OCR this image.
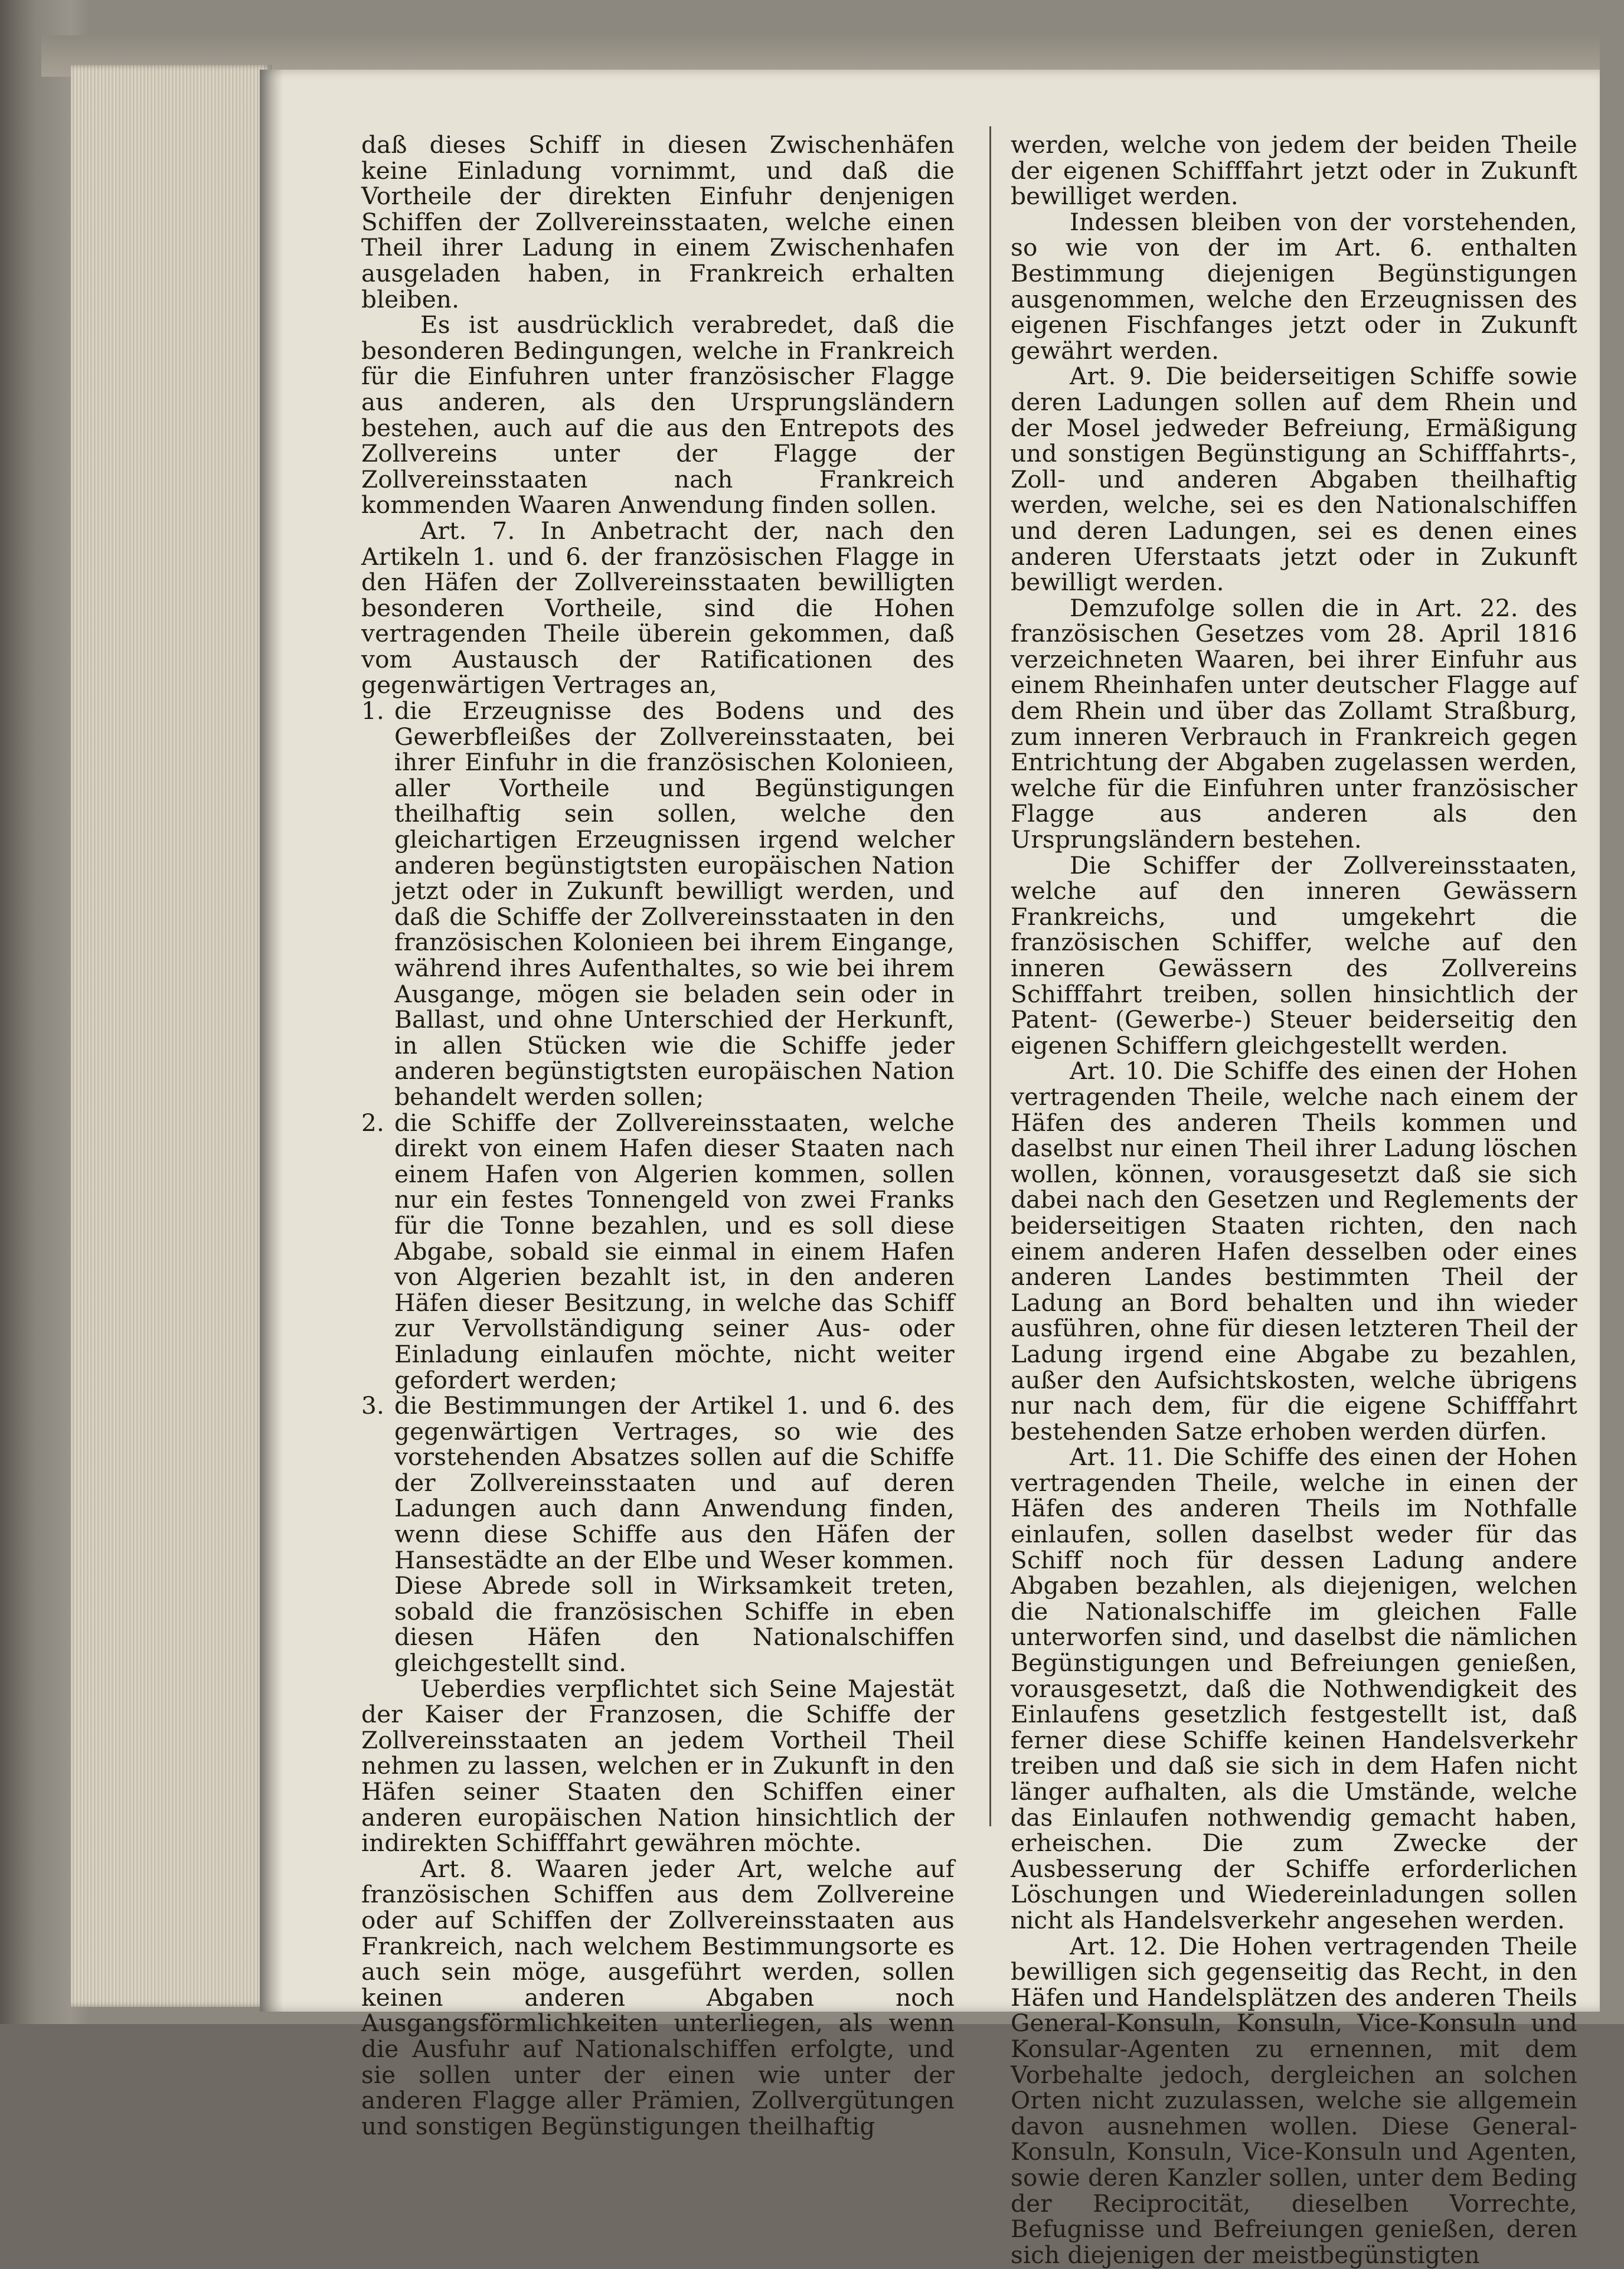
daß dieses Schiff in diesen Zwischenhäfen keine Einladung vornimmt, und daß die Vortheile der direkten Einfuhr denjenigen Schiffen der Zollvereinsstaaten, welche einen Theil ihrer Ladung in einem Zwischenhafen ausgeladen haben, in Frankreich erhalten bleiben.

Es ist ausdrücklich verabredet, daß die besonderen Bedingungen, welche in Frankreich für die Einfuhren unter französischer Flagge aus anderen, als den Ursprungsländern bestehen, auch auf die aus den Entrepots des Zollvereins unter der Flagge der Zollvereinsstaaten nach Frankreich kommenden Waaren Anwendung finden sollen.

Art. 7. In Anbetracht der, nach den Artikeln 1. und 6. der französischen Flagge in den Häfen der Zollvereinsstaaten bewilligten besonderen Vortheile, sind die Hohen vertragenden Theile überein gekommen, daß vom Austausch der Ratificationen des gegenwärtigen Vertrages an,

1. die Erzeugnisse des Bodens und des Gewerbfleißes der Zollvereinsstaaten, bei ihrer Einfuhr in die französischen Kolonieen, aller Vortheile und Begünstigungen theilhaftig sein sollen, welche den gleichartigen Erzeugnissen irgend welcher anderen begünstigtsten europäischen Nation jetzt oder in Zukunft bewilligt werden, und daß die Schiffe der Zollvereinsstaaten in den französischen Kolonieen bei ihrem Eingange, während ihres Aufenthaltes, so wie bei ihrem Ausgange, mögen sie beladen sein oder in Ballast, und ohne Unterschied der Herkunft, in allen Stücken wie die Schiffe jeder anderen begünstigtsten europäischen Nation behandelt werden sollen;
2. die Schiffe der Zollvereinsstaaten, welche direkt von einem Hafen dieser Staaten nach einem Hafen von Algerien kommen, sollen nur ein festes Tonnengeld von zwei Franks für die Tonne bezahlen, und es soll diese Abgabe, sobald sie einmal in einem Hafen von Algerien bezahlt ist, in den anderen Häfen dieser Besitzung, in welche das Schiff zur Vervollständigung seiner Aus- oder Einladung einlaufen möchte, nicht weiter gefordert werden;
3. die Bestimmungen der Artikel 1. und 6. des gegenwärtigen Vertrages, so wie des vorstehenden Absatzes sollen auf die Schiffe der Zollvereinsstaaten und auf deren Ladungen auch dann Anwendung finden, wenn diese Schiffe aus den Häfen der Hansestädte an der Elbe und Weser kommen. Diese Abrede soll in Wirksamkeit treten, sobald die französischen Schiffe in eben diesen Häfen den Nationalschiffen gleichgestellt sind.

Ueberdies verpflichtet sich Seine Majestät der Kaiser der Franzosen, die Schiffe der Zollvereinsstaaten an jedem Vortheil Theil nehmen zu lassen, welchen er in Zukunft in den Häfen seiner Staaten den Schiffen einer anderen europäischen Nation hinsichtlich der indirekten Schifffahrt gewähren möchte.

Art. 8. Waaren jeder Art, welche auf französischen Schiffen aus dem Zollvereine oder auf Schiffen der Zollvereinsstaaten aus Frankreich, nach welchem Bestimmungsorte es auch sein möge, ausgeführt werden, sollen keinen anderen Abgaben noch Ausgangsförmlichkeiten unterliegen, als wenn die Ausfuhr auf Nationalschiffen erfolgte, und sie sollen unter der einen wie unter der anderen Flagge aller Prämien, Zollvergütungen und sonstigen Begünstigungen theilhaftig

werden, welche von jedem der beiden Theile der eigenen Schifffahrt jetzt oder in Zukunft bewilliget werden.

Indessen bleiben von der vorstehenden, so wie von der im Art. 6. enthalten Bestimmung diejenigen Begünstigungen ausgenommen, welche den Erzeugnissen des eigenen Fischfanges jetzt oder in Zukunft gewährt werden.

Art. 9. Die beiderseitigen Schiffe sowie deren Ladungen sollen auf dem Rhein und der Mosel jedweder Befreiung, Ermäßigung und sonstigen Begünstigung an Schifffahrts-, Zoll- und anderen Abgaben theilhaftig werden, welche, sei es den Nationalschiffen und deren Ladungen, sei es denen eines anderen Uferstaats jetzt oder in Zukunft bewilligt werden.

Demzufolge sollen die in Art. 22. des französischen Gesetzes vom 28. April 1816 verzeichneten Waaren, bei ihrer Einfuhr aus einem Rheinhafen unter deutscher Flagge auf dem Rhein und über das Zollamt Straßburg, zum inneren Verbrauch in Frankreich gegen Entrichtung der Abgaben zugelassen werden, welche für die Einfuhren unter französischer Flagge aus anderen als den Ursprungsländern bestehen.

Die Schiffer der Zollvereinsstaaten, welche auf den inneren Gewässern Frankreichs, und umgekehrt die französischen Schiffer, welche auf den inneren Gewässern des Zollvereins Schifffahrt treiben, sollen hinsichtlich der Patent- (Gewerbe-) Steuer beiderseitig den eigenen Schiffern gleichgestellt werden.

Art. 10. Die Schiffe des einen der Hohen vertragenden Theile, welche nach einem der Häfen des anderen Theils kommen und daselbst nur einen Theil ihrer Ladung löschen wollen, können, vorausgesetzt daß sie sich dabei nach den Gesetzen und Reglements der beiderseitigen Staaten richten, den nach einem anderen Hafen desselben oder eines anderen Landes bestimmten Theil der Ladung an Bord behalten und ihn wieder ausführen, ohne für diesen letzteren Theil der Ladung irgend eine Abgabe zu bezahlen, außer den Aufsichtskosten, welche übrigens nur nach dem, für die eigene Schifffahrt bestehenden Satze erhoben werden dürfen.

Art. 11. Die Schiffe des einen der Hohen vertragenden Theile, welche in einen der Häfen des anderen Theils im Nothfalle einlaufen, sollen daselbst weder für das Schiff noch für dessen Ladung andere Abgaben bezahlen, als diejenigen, welchen die Nationalschiffe im gleichen Falle unterworfen sind, und daselbst die nämlichen Begünstigungen und Befreiungen genießen, vorausgesetzt, daß die Nothwendigkeit des Einlaufens gesetzlich festgestellt ist, daß ferner diese Schiffe keinen Handelsverkehr treiben und daß sie sich in dem Hafen nicht länger aufhalten, als die Umstände, welche das Einlaufen nothwendig gemacht haben, erheischen. Die zum Zwecke der Ausbesserung der Schiffe erforderlichen Löschungen und Wiedereinladungen sollen nicht als Handelsverkehr angesehen werden.

Art. 12. Die Hohen vertragenden Theile bewilligen sich gegenseitig das Recht, in den Häfen und Handelsplätzen des anderen Theils General-Konsuln, Konsuln, Vice-Konsuln und Konsular-Agenten zu ernennen, mit dem Vorbehalte jedoch, dergleichen an solchen Orten nicht zuzulassen, welche sie allgemein davon ausnehmen wollen. Diese General-Konsuln, Konsuln, Vice-Konsuln und Agenten, sowie deren Kanzler sollen, unter dem Beding der Reciprocität, dieselben Vorrechte, Befugnisse und Befreiungen genießen, deren sich diejenigen der meistbegünstigten
